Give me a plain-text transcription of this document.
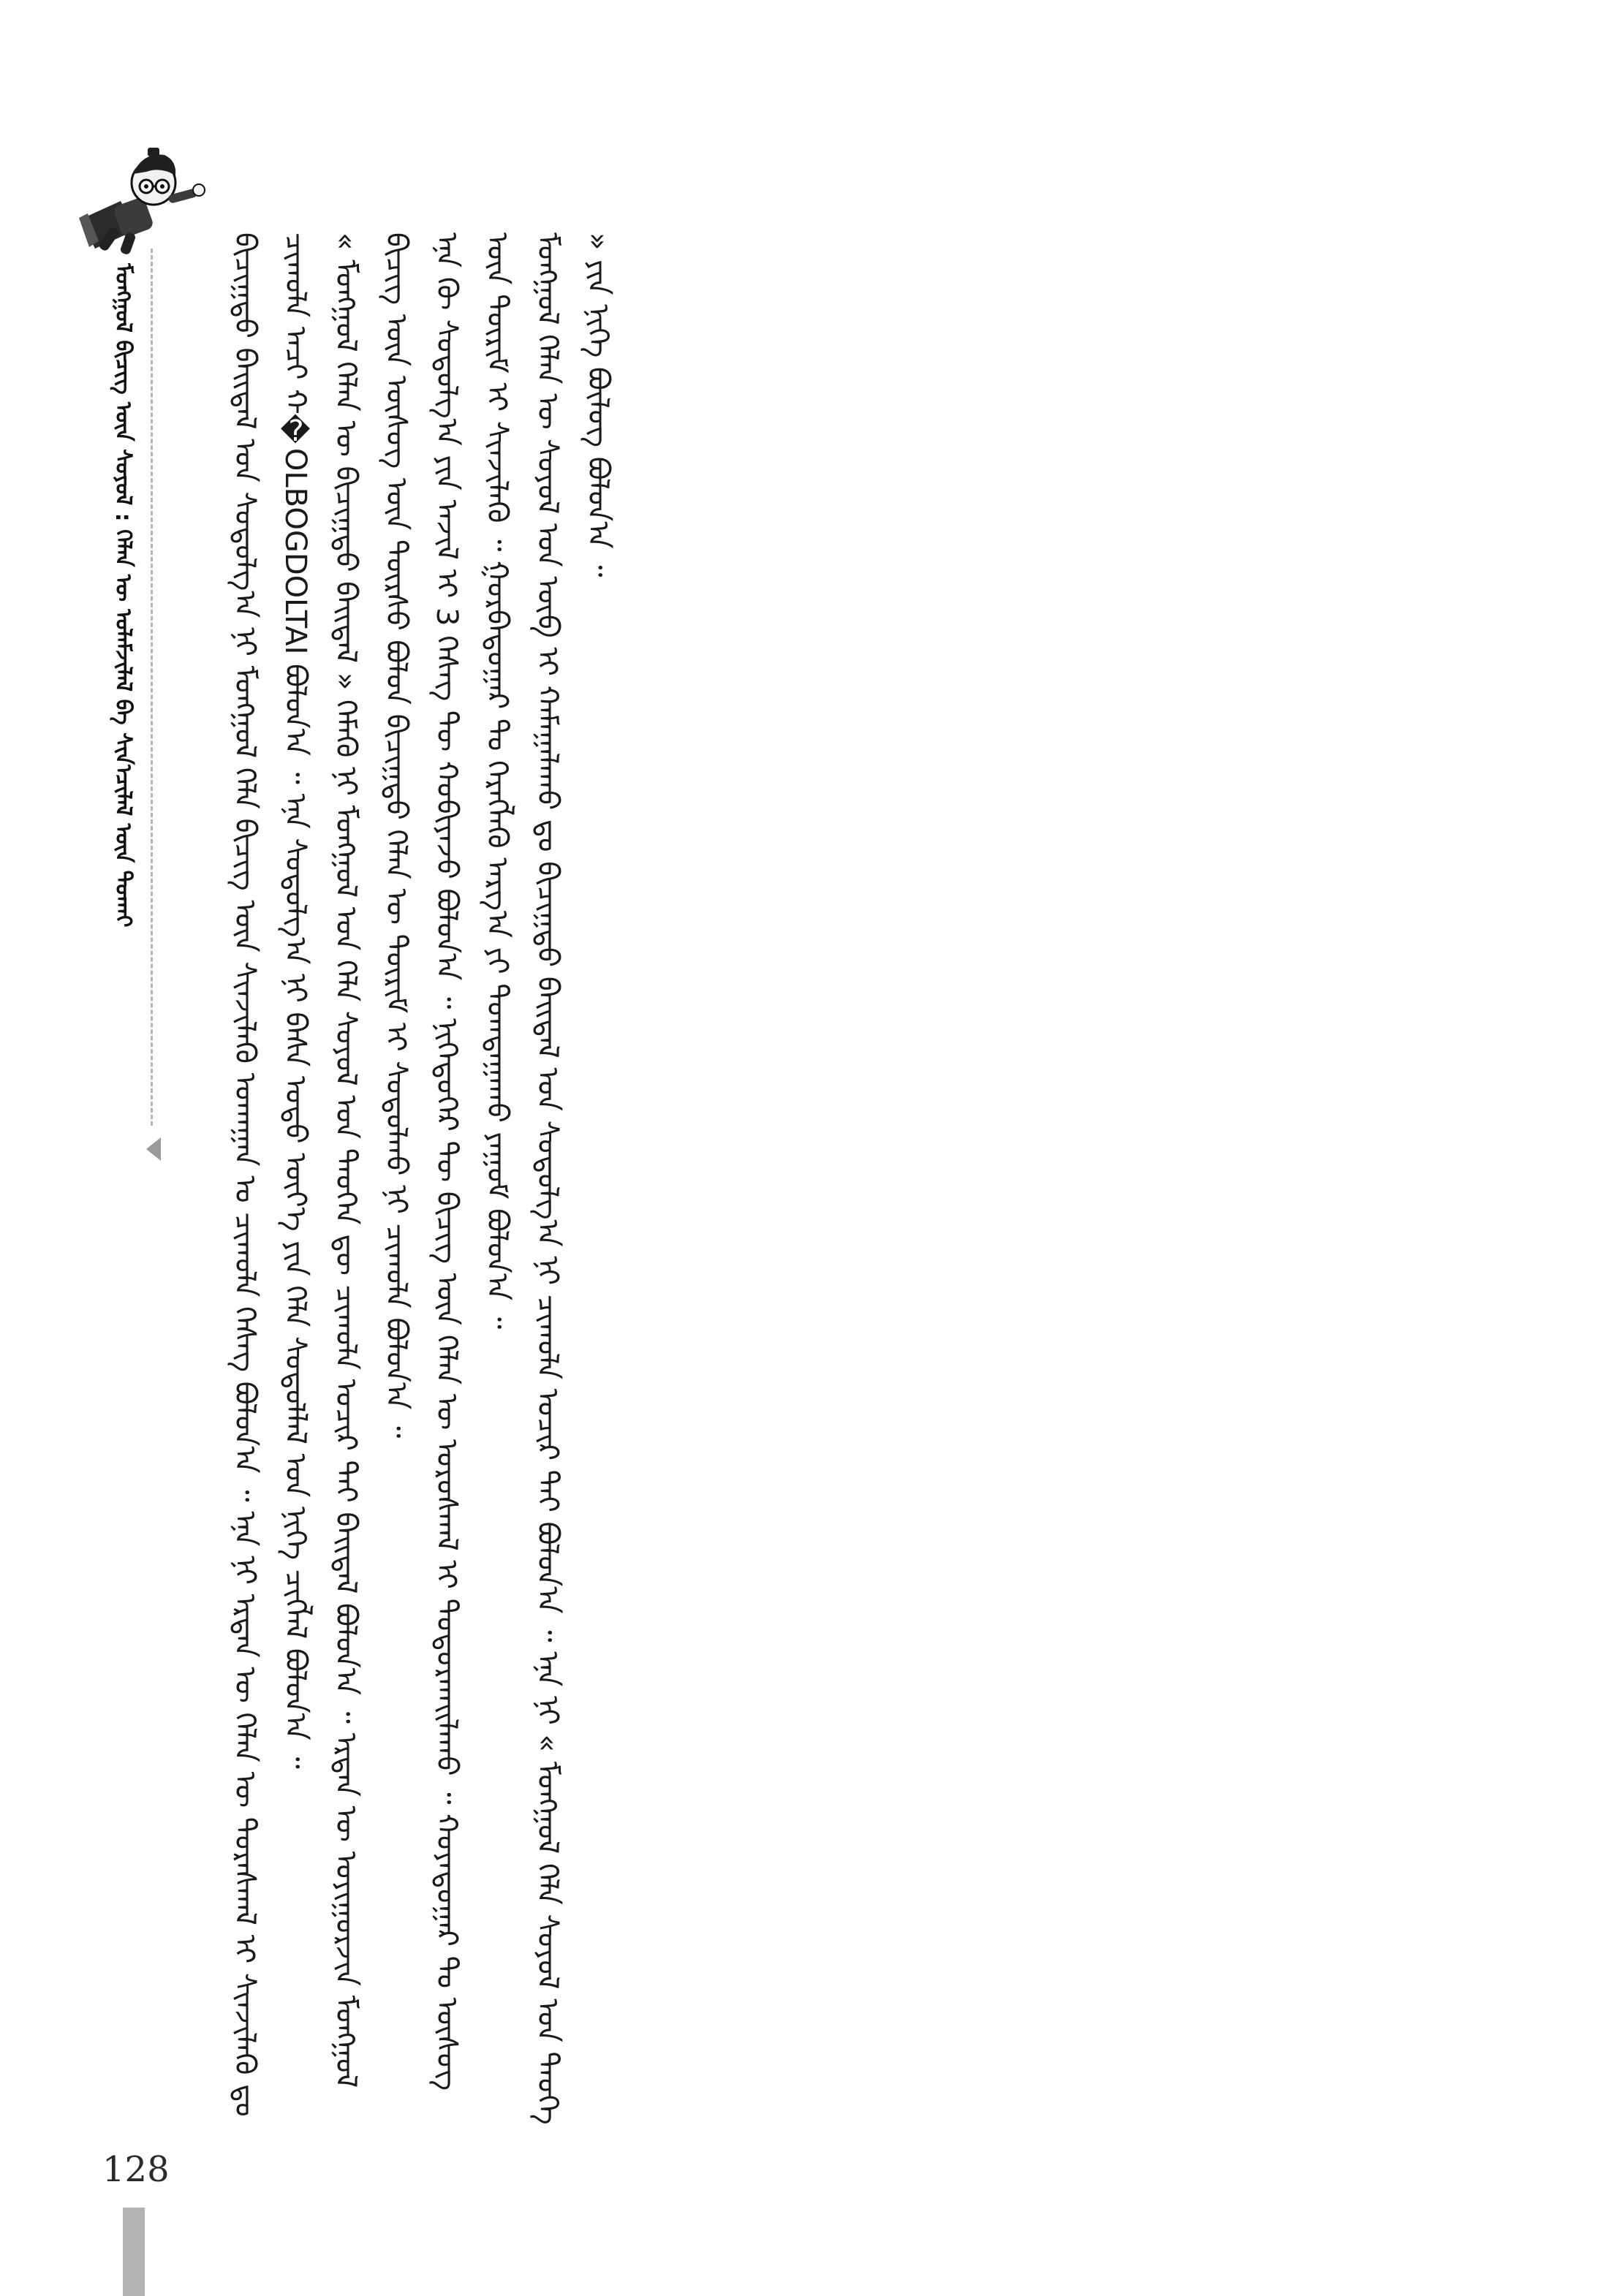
ᠮᠣᠩᠭᠣᠯ ᠪᠢᠴᠢᠭ ᠦᠨ ᠰᠣᠶᠣᠯ : ᠬᠡᠯᠡᠨ ᠦ ᠤᠯᠠᠮᠵᠢᠯᠠᠯ ᠪᠠ ᠰᠢᠨ᠎ᠡᠴᠢᠯᠡᠯ ᠦᠨ ᠲᠤᠬᠠᠢ	ᠪᠢᠴᠢᠭ᠋ᠲᠦ ᠪᠠᠢᠳᠠᠯ ᠤᠨ ᠰᠤᠳᠤᠯᠭ᠎ᠠ ᠨᠢ ᠮᠣᠩᠭᠣᠯ ᠬᠡᠯᠡ ᠪᠢᠴᠢᠭ ᠦᠨ ᠰᠢᠨᠵᠢᠯᠡᠬᠦ ᠤᠬᠠᠭᠠᠨ ᠤ ᠴᠢᠬᠤᠯᠠ ᠬᠡᠰᠡᠭ ᠪᠣᠯᠤᠨ᠎ᠠ ᠃ ᠡᠨᠡ ᠨᠢ ᠡᠷᠲᠡᠨ ᠦ ᠬᠡᠯᠡᠨ ᠦ ᠳᠤᠷᠠᠰᠬᠠᠯ ᠢ ᠰᠢᠨᠵᠢᠯᠡᠬᠦ ᠳᠤ ᠴᠢᠬᠤᠯᠠ ᠠᠴᠢ ᠬ�OLBOGDOLTAI ᠪᠣᠯᠤᠨ᠎ᠠ ᠃ ᠡᠨᠡ ᠰᠤᠳᠤᠯᠭ᠎ᠠ ᠨᠢ ᠪᠠᠰᠠ ᠣᠳᠣ ᠦᠶ᠎ᠡ ᠶᠢᠨ ᠬᠡᠯᠡ ᠰᠤᠳᠤᠯᠯᠠᠯ ᠤᠨ ᠨᠢᠭᠡ ᠴᠢᠭᠯᠡᠯ ᠪᠣᠯᠤᠨ᠎ᠠ ᠃ « ᠮᠣᠩᠭᠣᠯ ᠬᠡᠯᠡᠨ ᠦ ᠪᠢᠴᠢᠭ᠋ᠲᠦ ᠪᠠᠢᠳᠠᠯ » ᠬᠡᠮᠡᠬᠦ ᠨᠢ ᠮᠣᠩᠭᠣᠯ ᠤᠨ ᠬᠡᠯᠡ ᠰᠣᠶᠣᠯ ᠤᠨ ᠲᠡᠦᠬᠡᠨ ᠳᠦ ᠴᠢᠬᠤᠯᠠ ᠤᠴᠢᠷ ᠲᠠᠢ ᠪᠠᠢᠳᠠᠯ ᠪᠣᠯᠤᠨ᠎ᠠ ᠃ ᠡᠷᠲᠡᠨ ᠦ ᠤᠶᠢᠭᠤᠷᠵᠢᠨ ᠮᠣᠩᠭᠣᠯ ᠪᠢᠴᠢᠭ ᠦᠨ ᠦᠰᠦᠭ ᠦᠨ ᠳᠦᠷᠰᠦ ᠪᠣᠯᠤᠨ ᠪᠢᠴᠢᠭ᠋ᠲᠦ ᠬᠡᠯᠡᠨ ᠦ ᠳᠦᠷᠢᠮ ᠢ ᠰᠤᠳᠤᠯᠬᠤ ᠨᠢ ᠴᠢᠬᠤᠯᠠ ᠪᠣᠯᠤᠨ᠎ᠠ ᠃ ᠡᠨᠡ ᠬᠦ ᠰᠤᠳᠤᠯᠭ᠎ᠠ ᠶᠢᠨ ᠠᠵᠢᠯ ᠢ 3 ᠬᠡᠰᠡᠭ ᠲᠦ ᠬᠤᠪᠢᠶᠠᠵᠤ ᠪᠣᠯᠤᠨ᠎ᠠ ᠃ ᠨᠢᠭᠡᠳᠦᠭᠡᠷ ᠲᠦ ᠪᠢᠴᠢᠭ ᠦᠨ ᠬᠡᠯᠡᠨ ᠦ ᠤᠷᠤᠰᠬᠠᠯ ᠢ ᠲᠣᠳᠣᠷᠬᠠᠢᠯᠠᠬᠤ ᠃ ᠬᠣᠶᠠᠳᠤᠭᠠᠷ ᠲᠤ ᠦᠰᠦᠭ ᠦᠨ ᠳᠦᠷᠢᠮ ᠢ ᠰᠢᠨᠵᠢᠯᠡᠬᠦ ᠃ ᠭᠤᠷᠪᠠᠳᠤᠭᠠᠷ ᠲᠤ ᠬᠡᠷᠡᠭᠯᠡᠬᠦ ᠠᠷᠭ᠎ᠠ ᠶᠢ ᠲᠣᠭᠲᠠᠭᠠᠬᠤ ᠶᠠᠭᠤᠮ ᠪᠣᠯᠤᠨ᠎ᠠ ᠃ ᠮᠣᠩᠭᠣᠯ ᠬᠡᠯᠡᠨ ᠦ ᠰᠣᠶᠣᠯ ᠤᠨ ᠦᠪ ᠢ ᠬᠠᠮᠠᠭᠠᠯᠠᠬᠤ ᠳᠤ ᠪᠢᠴᠢᠭ᠋ᠲᠦ ᠪᠠᠢᠳᠠᠯ ᠤᠨ ᠰᠤᠳᠤᠯᠭ᠎ᠠ ᠨᠢ ᠴᠢᠬᠤᠯᠠ ᠤᠴᠢᠷ ᠲᠠᠢ ᠪᠣᠯᠤᠨ᠎ᠠ ᠃ ᠡᠨᠡ ᠨᠢ « ᠮᠣᠩᠭᠣᠯ ᠬᠡᠯᠡ ᠰᠣᠶᠣᠯ ᠤᠨ ᠲᠡᠦᠬᠡ » ᠶᠢᠨ ᠨᠢᠭᠡ ᠪᠦᠯᠦᠭ ᠪᠣᠯᠤᠨ᠎ᠠ ᠃

128
